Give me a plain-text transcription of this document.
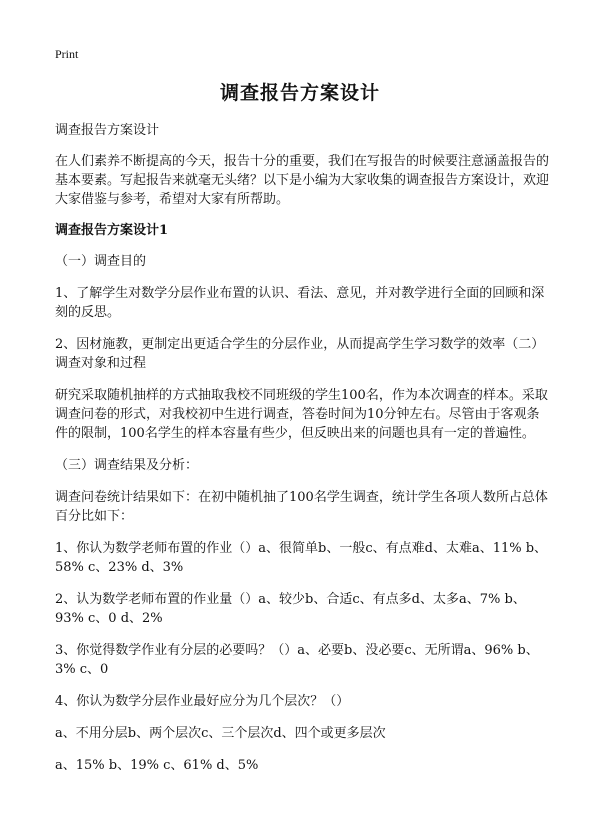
Print
调查报告方案设计

调查报告方案设计

在人们素养不断提高的今天，报告十分的重要，我们在写报告的时候要注意涵盖报告的基本要素。写起报告来就毫无头绪？以下是小编为大家收集的调查报告方案设计，欢迎大家借鉴与参考，希望对大家有所帮助。

调查报告方案设计1

（一）调查目的

1、了解学生对数学分层作业布置的认识、看法、意见，并对教学进行全面的回顾和深刻的反思。

2、因材施教，更制定出更适合学生的分层作业，从而提高学生学习数学的效率（二）调查对象和过程

研究采取随机抽样的方式抽取我校不同班级的学生100名，作为本次调查的样本。采取调查问卷的形式，对我校初中生进行调查，答卷时间为10分钟左右。尽管由于客观条件的限制，100名学生的样本容量有些少，但反映出来的问题也具有一定的普遍性。

（三）调查结果及分析：

调查问卷统计结果如下：在初中随机抽了100名学生调查，统计学生各项人数所占总体百分比如下：

1、你认为数学老师布置的作业（）a、很简单b、一般c、有点难d、太难a、11% b、58% c、23% d、3%

2、认为数学老师布置的作业量（）a、较少b、合适c、有点多d、太多a、7% b、93% c、0 d、2%

3、你觉得数学作业有分层的必要吗？（）a、必要b、没必要c、无所谓a、96% b、3% c、0

4、你认为数学分层作业最好应分为几个层次？（）

a、不用分层b、两个层次c、三个层次d、四个或更多层次

a、15% b、19% c、61% d、5%
